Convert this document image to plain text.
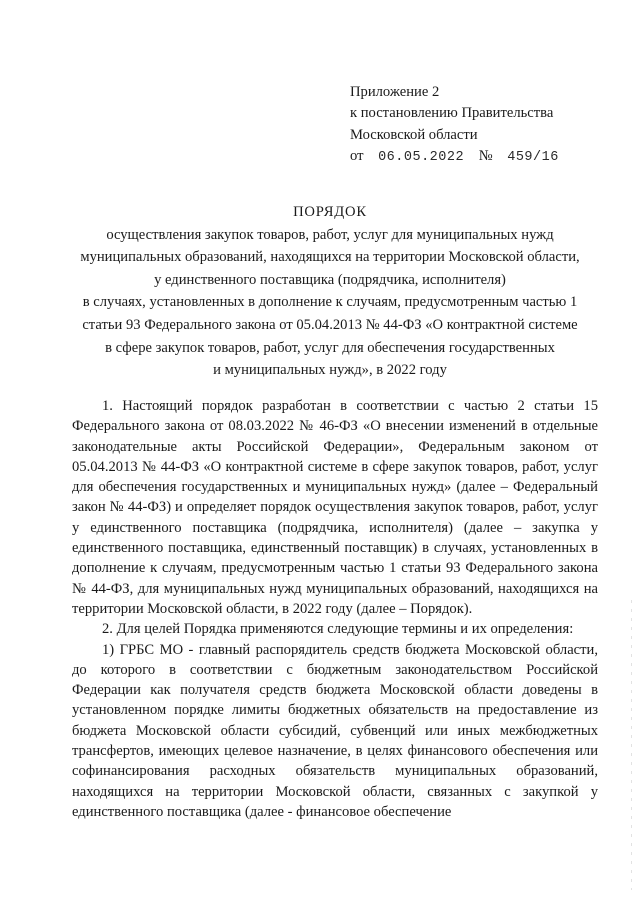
Приложение 2
к постановлению Правительства
Московской области
от 06.05.2022 № 459/16
ПОРЯДОК
осуществления закупок товаров, работ, услуг для муниципальных нужд
муниципальных образований, находящихся на территории Московской области,
у единственного поставщика (подрядчика, исполнителя)
в случаях, установленных в дополнение к случаям, предусмотренным частью 1
статьи 93 Федерального закона от 05.04.2013 № 44-ФЗ «О контрактной системе
в сфере закупок товаров, работ, услуг для обеспечения государственных
и муниципальных нужд», в 2022 году

1. Настоящий порядок разработан в соответствии с частью 2 статьи 15 Федерального закона от 08.03.2022 № 46-ФЗ «О внесении изменений в отдельные законодательные акты Российской Федерации», Федеральным законом от 05.04.2013 № 44-ФЗ «О контрактной системе в сфере закупок товаров, работ, услуг для обеспечения государственных и муниципальных нужд» (далее – Федеральный закон № 44-ФЗ) и определяет порядок осуществления закупок товаров, работ, услуг у единственного поставщика (подрядчика, исполнителя) (далее – закупка у единственного поставщика, единственный поставщик) в случаях, установленных в дополнение к случаям, предусмотренным частью 1 статьи 93 Федерального закона № 44-ФЗ, для муниципальных нужд муниципальных образований, находящихся на территории Московской области, в 2022 году (далее – Порядок).

2. Для целей Порядка применяются следующие термины и их определения:

1) ГРБС МО - главный распорядитель средств бюджета Московской области, до которого в соответствии с бюджетным законодательством Российской Федерации как получателя средств бюджета Московской области доведены в установленном порядке лимиты бюджетных обязательств на предоставление из бюджета Московской области субсидий, субвенций или иных межбюджетных трансфертов, имеющих целевое назначение, в целях финансового обеспечения или софинансирования расходных обязательств муниципальных образований, находящихся на территории Московской области, связанных с закупкой у единственного поставщика (далее - финансовое обеспечение
